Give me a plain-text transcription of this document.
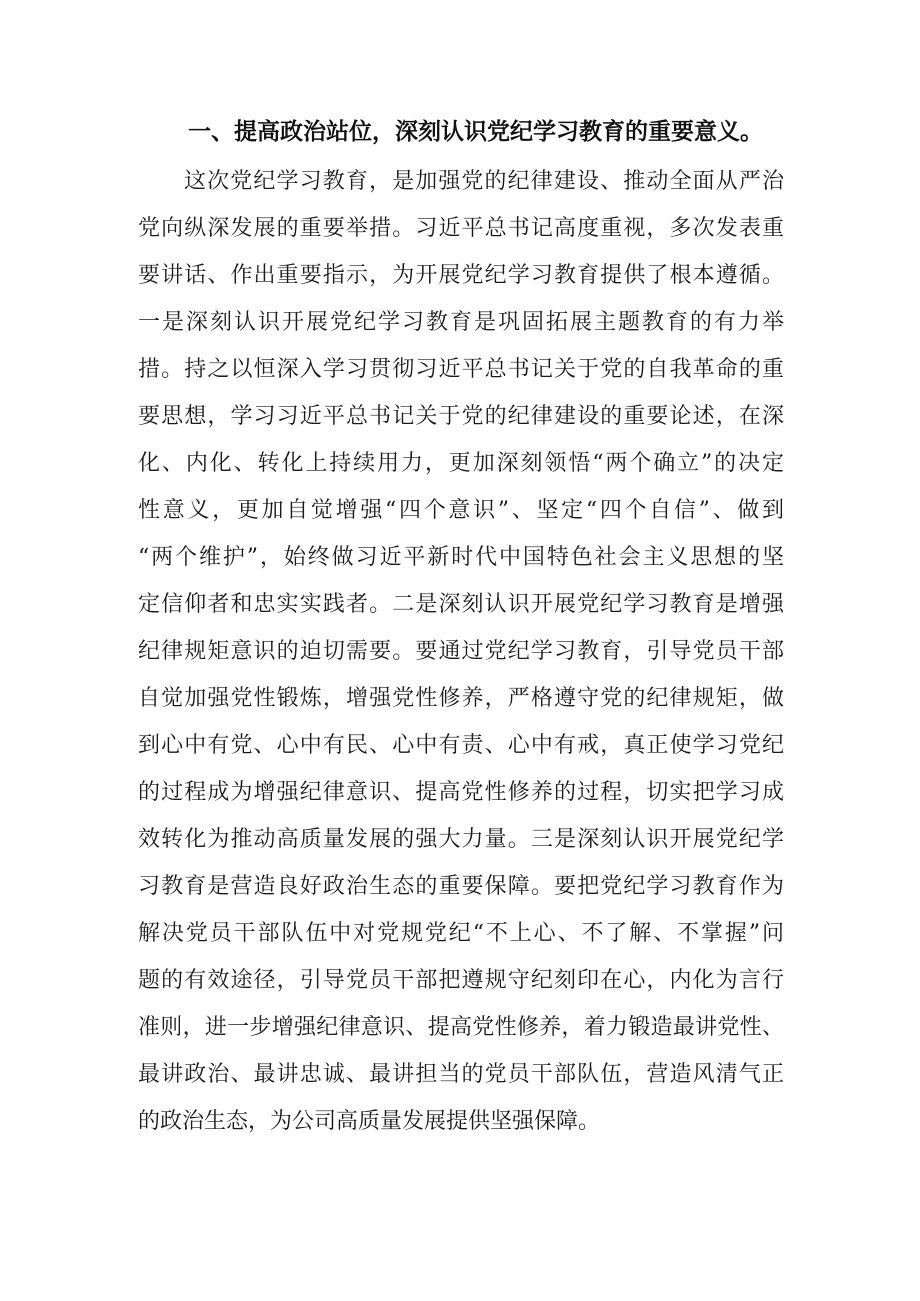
一、提高政治站位，深刻认识党纪学习教育的重要意义。
这次党纪学习教育，是加强党的纪律建设、推动全面从严治
党向纵深发展的重要举措。习近平总书记高度重视，多次发表重
要讲话、作出重要指示，为开展党纪学习教育提供了根本遵循。
一是深刻认识开展党纪学习教育是巩固拓展主题教育的有力举
措。持之以恒深入学习贯彻习近平总书记关于党的自我革命的重
要思想，学习习近平总书记关于党的纪律建设的重要论述，在深
化、内化、转化上持续用力，更加深刻领悟“两个确立”的决定
性意义，更加自觉增强“四个意识”、坚定“四个自信”、做到
“两个维护”，始终做习近平新时代中国特色社会主义思想的坚
定信仰者和忠实实践者。二是深刻认识开展党纪学习教育是增强
纪律规矩意识的迫切需要。要通过党纪学习教育，引导党员干部
自觉加强党性锻炼，增强党性修养，严格遵守党的纪律规矩，做
到心中有党、心中有民、心中有责、心中有戒，真正使学习党纪
的过程成为增强纪律意识、提高党性修养的过程，切实把学习成
效转化为推动高质量发展的强大力量。三是深刻认识开展党纪学
习教育是营造良好政治生态的重要保障。要把党纪学习教育作为
解决党员干部队伍中对党规党纪“不上心、不了解、不掌握”问
题的有效途径，引导党员干部把遵规守纪刻印在心，内化为言行
准则，进一步增强纪律意识、提高党性修养，着力锻造最讲党性、
最讲政治、最讲忠诚、最讲担当的党员干部队伍，营造风清气正
的政治生态，为公司高质量发展提供坚强保障。
